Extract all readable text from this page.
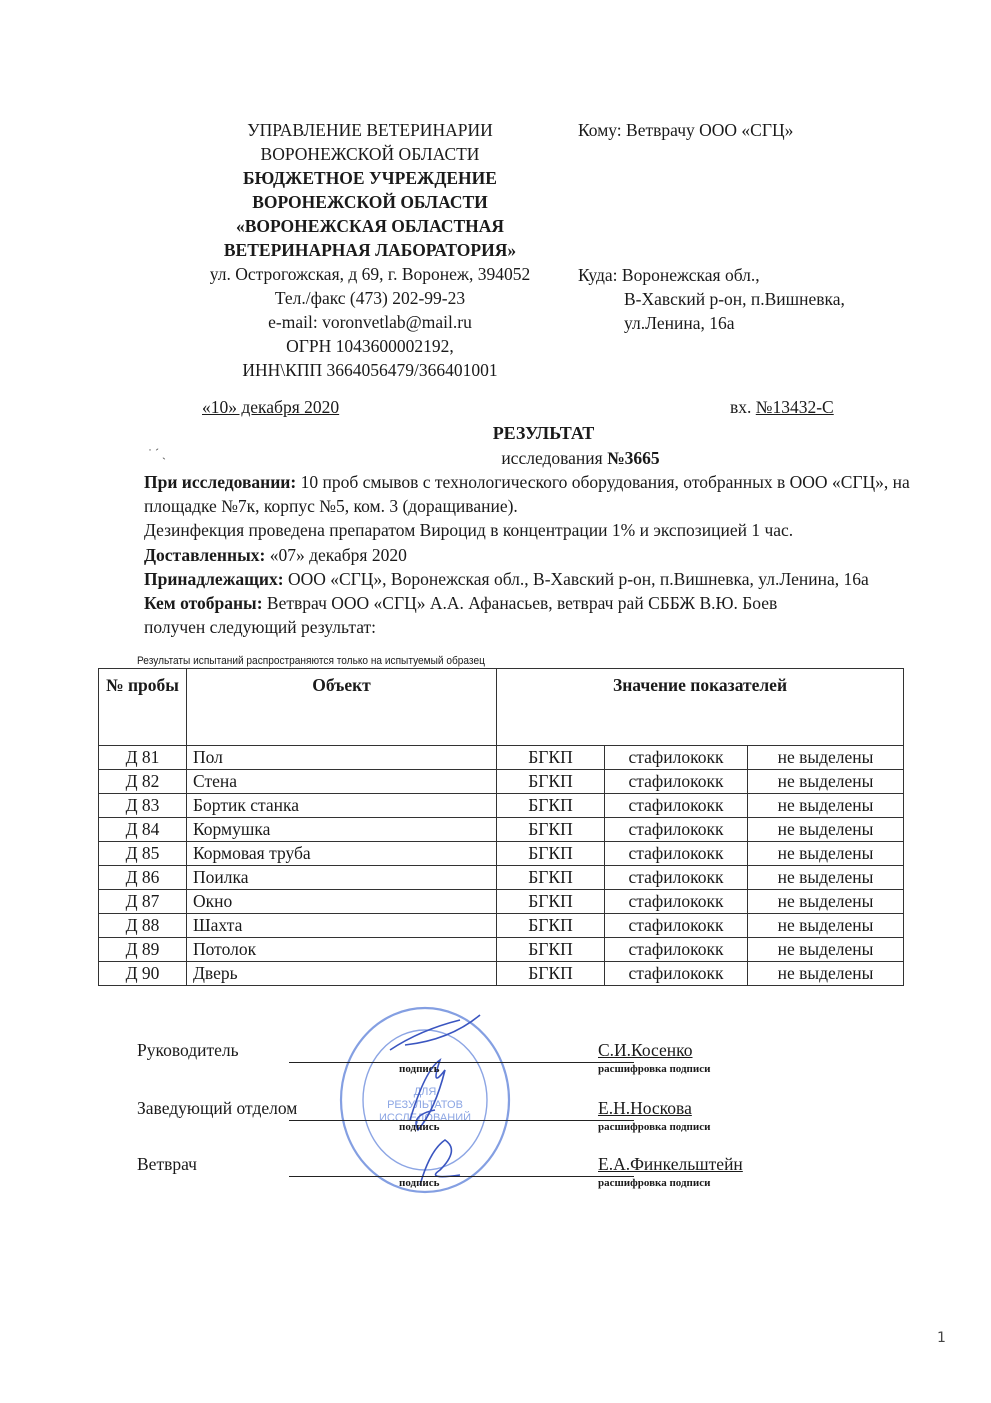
УПРАВЛЕНИЕ ВЕТЕРИНАРИИ
ВОРОНЕЖСКОЙ ОБЛАСТИ
БЮДЖЕТНОЕ УЧРЕЖДЕНИЕ
ВОРОНЕЖСКОЙ ОБЛАСТИ
«ВОРОНЕЖСКАЯ ОБЛАСТНАЯ
ВЕТЕРИНАРНАЯ ЛАБОРАТОРИЯ»
ул. Острогожская, д 69, г. Воронеж, 394052
Тел./факс (473) 202-99-23
e-mail: voronvetlab@mail.ru
ОГРН 1043600002192,
ИНН\КПП 3664056479/366401001
Кому: Ветврачу ООО «СГЦ»
Куда: Воронежская обл.,
В-Хавский р-он, п.Вишневка,
ул.Ленина, 16а
«10» декабря 2020	вх. №13432-С
˙ ˊ ˏ
РЕЗУЛЬТАТ
исследования №3665
При исследовании: 10 проб смывов с технологического оборудования, отобранных в ООО «СГЦ», на площадке №7к, корпус №5, ком. 3 (доращивание).
Дезинфекция проведена препаратом Вироцид в концентрации 1% и экспозицией 1 час.
Доставленных: «07» декабря 2020
Принадлежащих: ООО «СГЦ», Воронежская обл., В-Хавский р-он, п.Вишневка, ул.Ленина, 16а
Кем отобраны: Ветврач ООО «СГЦ» А.А. Афанасьев, ветврач рай СББЖ В.Ю. Боев
получен следующий результат:
Результаты испытаний распространяются только на испытуемый образец
№ пробы	Объект	Значение показателей		
Д 81	Пол	БГКП	стафилококк	не выделены
Д 82	Стена	БГКП	стафилококк	не выделены
Д 83	Бортик станка	БГКП	стафилококк	не выделены
Д 84	Кормушка	БГКП	стафилококк	не выделены
Д 85	Кормовая труба	БГКП	стафилококк	не выделены
Д 86	Поилка	БГКП	стафилококк	не выделены
Д 87	Окно	БГКП	стафилококк	не выделены
Д 88	Шахта	БГКП	стафилококк	не выделены
Д 89	Потолок	БГКП	стафилококк	не выделены
Д 90	Дверь	БГКП	стафилококк	не выделены
ДЛЯ
РЕЗУЛЬТАТОВ
ИССЛЕДОВАНИЙ
Руководитель
подпись
С.И.Косенко
расшифровка подписи
Заведующий отделом
подпись
Е.Н.Носкова
расшифровка подписи
Ветврач
подпись
Е.А.Финкельштейн
расшифровка подписи
1
